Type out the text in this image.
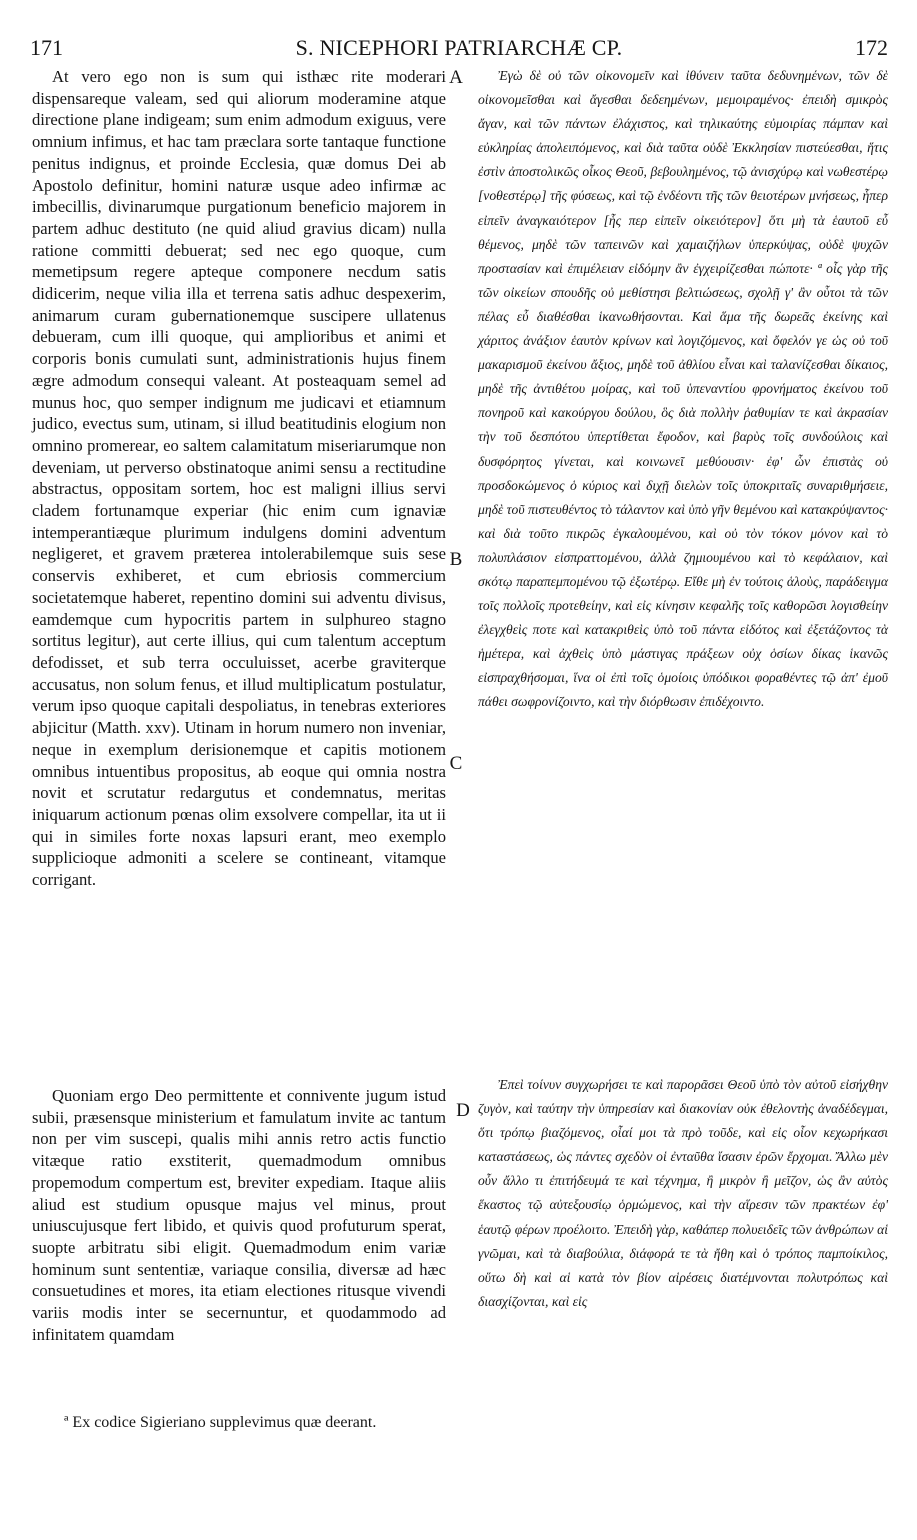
S. NICEPHORI PATRIARCHÆ CP.
171	172

At vero ego non is sum qui isthæc rite moderari dispensareque valeam, sed qui aliorum moderamine atque directione plane indigeam; sum enim admodum exiguus, vere omnium infimus, et hac tam præclara sorte tantaque functione penitus indignus, et proinde Ecclesia, quæ domus Dei ab Apostolo definitur, homini naturæ usque adeo infirmæ ac imbecillis, divinarumque purgationum beneficio majorem in partem adhuc destituto (ne quid aliud gravius dicam) nulla ratione committi debuerat; sed nec ego quoque, cum memetipsum regere apteque componere necdum satis didicerim, neque vilia illa et terrena satis adhuc despexerim, animarum curam gubernationemque suscipere ullatenus debueram, cum illi quoque, qui amplioribus et animi et corporis bonis cumulati sunt, administrationis hujus finem ægre admodum consequi valeant. At posteaquam semel ad munus hoc, quo semper indignum me judicavi et etiamnum judico, evectus sum, utinam, si illud beatitudinis elogium non omnino promerear, eo saltem calamitatum miseriarumque non deveniam, ut perverso obstinatoque animi sensu a rectitudine abstractus, oppositam sortem, hoc est maligni illius servi cladem fortunamque experiar (hic enim cum ignaviæ intemperantiæque plurimum indulgens domini adventum negligeret, et gravem præterea intolerabilemque suis sese conservis exhiberet, et cum ebriosis commercium societatemque haberet, repentino domini sui adventu divisus, eamdemque cum hypocritis partem in sulphureo stagno sortitus legitur), aut certe illius, qui cum talentum acceptum defodisset, et sub terra occuluisset, acerbe graviterque accusatus, non solum fenus, et illud multiplicatum postulatur, verum ipso quoque capitali despoliatus, in tenebras exteriores abjicitur (Matth. xxv). Utinam in horum numero non inveniar, neque in exemplum derisionemque et capitis motionem omnibus intuentibus propositus, ab eoque qui omnia nostra novit et scrutatur redargutus et condemnatus, meritas iniquarum actionum pœnas olim exsolvere compellar, ita ut ii qui in similes forte noxas lapsuri erant, meo exemplo supplicioque admoniti a scelere se contineant, vitamque corrigant.

Quoniam ergo Deo permittente et connivente jugum istud subii, præsensque ministerium et famulatum invite ac tantum non per vim suscepi, qualis mihi annis retro actis functio vitæque ratio exstiterit, quemadmodum omnibus propemodum compertum est, breviter expediam. Itaque aliis aliud est studium opusque majus vel minus, prout uniuscujusque fert libido, et quivis quod profuturum sperat, suopte arbitratu sibi eligit. Quemadmodum enim variæ hominum sunt sententiæ, variaque consilia, diversæ ad hæc consuetudines et mores, ita etiam electiones ritusque vivendi variis modis inter se secernuntur, et quodammodo ad infinitatem quamdam

Ἐγὼ δὲ οὐ τῶν οἰκονομεῖν καὶ ἰθύνειν ταῦτα δεδυνημένων, τῶν δὲ οἰκονομεῖσθαι καὶ ἄγεσθαι δεδεημένων, μεμοιραμένος· ἐπειδὴ σμικρὸς ἄγαν, καὶ τῶν πάντων ἐλάχιστος, καὶ τηλικαύτης εὐμοιρίας πάμπαν καὶ εὐκληρίας ἀπολειπόμενος, καὶ διὰ ταῦτα οὐδὲ Ἐκκλησίαν πιστεύεσθαι, ἥτις ἐστὶν ἀποστολικῶς οἶκος Θεοῦ, βεβουλημένος, τῷ ἀνισχύρῳ καὶ νωθεστέρῳ [νοθεστέρῳ] τῆς φύσεως, καὶ τῷ ἐνδέοντι τῆς τῶν θειοτέρων μνήσεως, ἧπερ εἰπεῖν ἀναγκαιότερον [ἧς περ εἰπεῖν οἰκειότερον] ὅτι μὴ τὰ ἑαυτοῦ εὖ θέμενος, μηδὲ τῶν ταπεινῶν καὶ χαμαιζήλων ὑπερκύψας, οὐδὲ ψυχῶν προστασίαν καὶ ἐπιμέλειαν εἰδόμην ἂν ἐγχειρίζεσθαι πώποτε· ª οἷς γὰρ τῆς τῶν οἰκείων σπουδῆς οὐ μεθίστησι βελτιώσεως, σχολῇ γ' ἂν οὗτοι τὰ τῶν πέλας εὖ διαθέσθαι ἱκανωθήσονται. Καὶ ἅμα τῆς δωρεᾶς ἐκείνης καὶ χάριτος ἀνάξιον ἑαυτὸν κρίνων καὶ λογιζόμενος, καὶ ὄφελόν γε ὡς οὐ τοῦ μακαρισμοῦ ἐκείνου ἄξιος, μηδὲ τοῦ ἀθλίου εἶναι καὶ ταλανίζεσθαι δίκαιος, μηδὲ τῆς ἀντιθέτου μοίρας, καὶ τοῦ ὑπεναντίου φρονήματος ἐκείνου τοῦ πονηροῦ καὶ κακούργου δούλου, ὃς διὰ πολλὴν ῥαθυμίαν τε καὶ ἀκρασίαν τὴν τοῦ δεσπότου ὑπερτίθεται ἔφοδον, καὶ βαρὺς τοῖς συνδούλοις καὶ δυσφόρητος γίνεται, καὶ κοινωνεῖ μεθύουσιν· ἐφ' ὧν ἐπιστὰς οὐ προσδοκώμενος ὁ κύριος καὶ διχῇ διελὼν τοῖς ὑποκριταῖς συναριθμήσειε, μηδὲ τοῦ πιστευθέντος τὸ τάλαντον καὶ ὑπὸ γῆν θεμένου καὶ κατακρύψαντος· καὶ διὰ τοῦτο πικρῶς ἐγκαλουμένου, καὶ οὐ τὸν τόκον μόνον καὶ τὸ πολυπλάσιον εἰσπραττομένου, ἀλλὰ ζημιουμένου καὶ τὸ κεφάλαιον, καὶ σκότῳ παραπεμπομένου τῷ ἐξωτέρῳ. Εἴθε μὴ ἐν τούτοις ἁλοὺς, παράδειγμα τοῖς πολλοῖς προτεθείην, καὶ εἰς κίνησιν κεφαλῆς τοῖς καθορῶσι λογισθείην ἐλεγχθεὶς ποτε καὶ κατακριθεὶς ὑπὸ τοῦ πάντα εἰδότος καὶ ἐξετάζοντος τὰ ἡμέτερα, καὶ ἀχθεὶς ὑπὸ μάστιγας πράξεων οὐχ ὁσίων δίκας ἱκανῶς εἰσπραχθήσομαι, ἵνα οἱ ἐπὶ τοῖς ὁμοίοις ὑπόδικοι φοραθέντες τῷ ἀπ' ἐμοῦ πάθει σωφρονίζοιντο, καὶ τὴν διόρθωσιν ἐπιδέχοιντο.

Ἐπεὶ τοίνυν συγχωρήσει τε καὶ παρορᾶσει Θεοῦ ὑπὸ τὸν αὐτοῦ εἰσήχθην ζυγὸν, καὶ ταύτην τὴν ὑπηρεσίαν καὶ διακονίαν οὐκ ἐθελοντὴς ἀναδέδεγμαι, ὅτι τρόπῳ βιαζόμενος, οἷαί μοι τὰ πρὸ τοῦδε, καὶ εἰς οἷον κεχωρήκασι καταστάσεως, ὡς πάντες σχεδὸν οἱ ἐνταῦθα ἴσασιν ἐρῶν ἔρχομαι. Ἄλλω μὲν οὖν ἄλλο τι ἐπιτήδευμά τε καὶ τέχνημα, ἢ μικρὸν ἢ μεῖζον, ὡς ἂν αὐτὸς ἕκαστος τῷ αὐτεξουσίῳ ὁρμώμενος, καὶ τὴν αἵρεσιν τῶν πρακτέων ἐφ' ἑαυτῷ φέρων προέλοιτο. Ἐπειδὴ γὰρ, καθάπερ πολυειδεῖς τῶν ἀνθρώπων αἱ γνῶμαι, καὶ τὰ διαβούλια, διάφορά τε τὰ ἤθη καὶ ὁ τρόπος παμποίκιλος, οὕτω δὴ καὶ αἱ κατὰ τὸν βίον αἱρέσεις διατέμνονται πολυτρόπως καὶ διασχίζονται, καὶ εἰς

A
B
C
D
ª Ex codice Sigieriano supplevimus quæ deerant.
